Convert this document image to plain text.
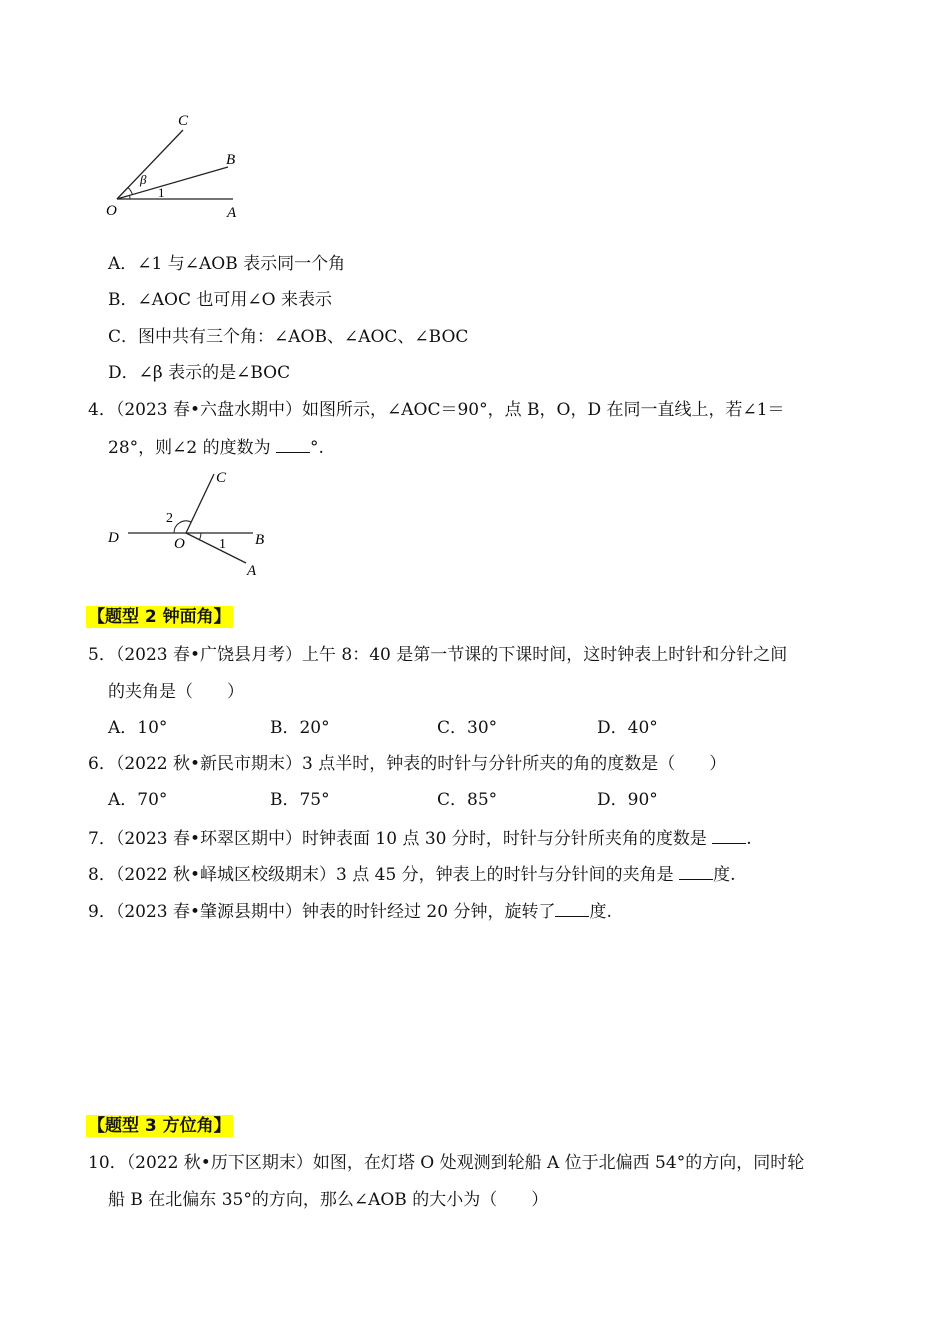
C
B
O	A
β
1
A．∠1 与∠AOB 表示同一个角
B．∠AOC 也可用∠O 来表示
C．图中共有三个角：∠AOB、∠AOC、∠BOC
D．∠β 表示的是∠BOC
4．（2023 春•六盘水期中）如图所示，∠AOC＝90°，点 B，O，D 在同一直线上，若∠1＝
28°，则∠2 的度数为 °.
C
D	O	B
A
2
1
【题型 2 钟面角】
5．（2023 春•广饶县月考）上午 8：40 是第一节课的下课时间，这时钟表上时针和分针之间
的夹角是（　　）
A．10°	B．20°	C．30°	D．40°
6．（2022 秋•新民市期末）3 点半时，钟表的时针与分针所夹的角的度数是（　　）
A．70°	B．75°	C．85°	D．90°
7．（2023 春•环翠区期中）时钟表面 10 点 30 分时，时针与分针所夹角的度数是 .
8．（2022 秋•峄城区校级期末）3 点 45 分，钟表上的时针与分针间的夹角是 度.
9．（2023 春•肇源县期中）钟表的时针经过 20 分钟，旋转了 度.
【题型 3 方位角】
10．（2022 秋•历下区期末）如图，在灯塔 O 处观测到轮船 A 位于北偏西 54°的方向，同时轮
船 B 在北偏东 35°的方向，那么∠AOB 的大小为（　　）
